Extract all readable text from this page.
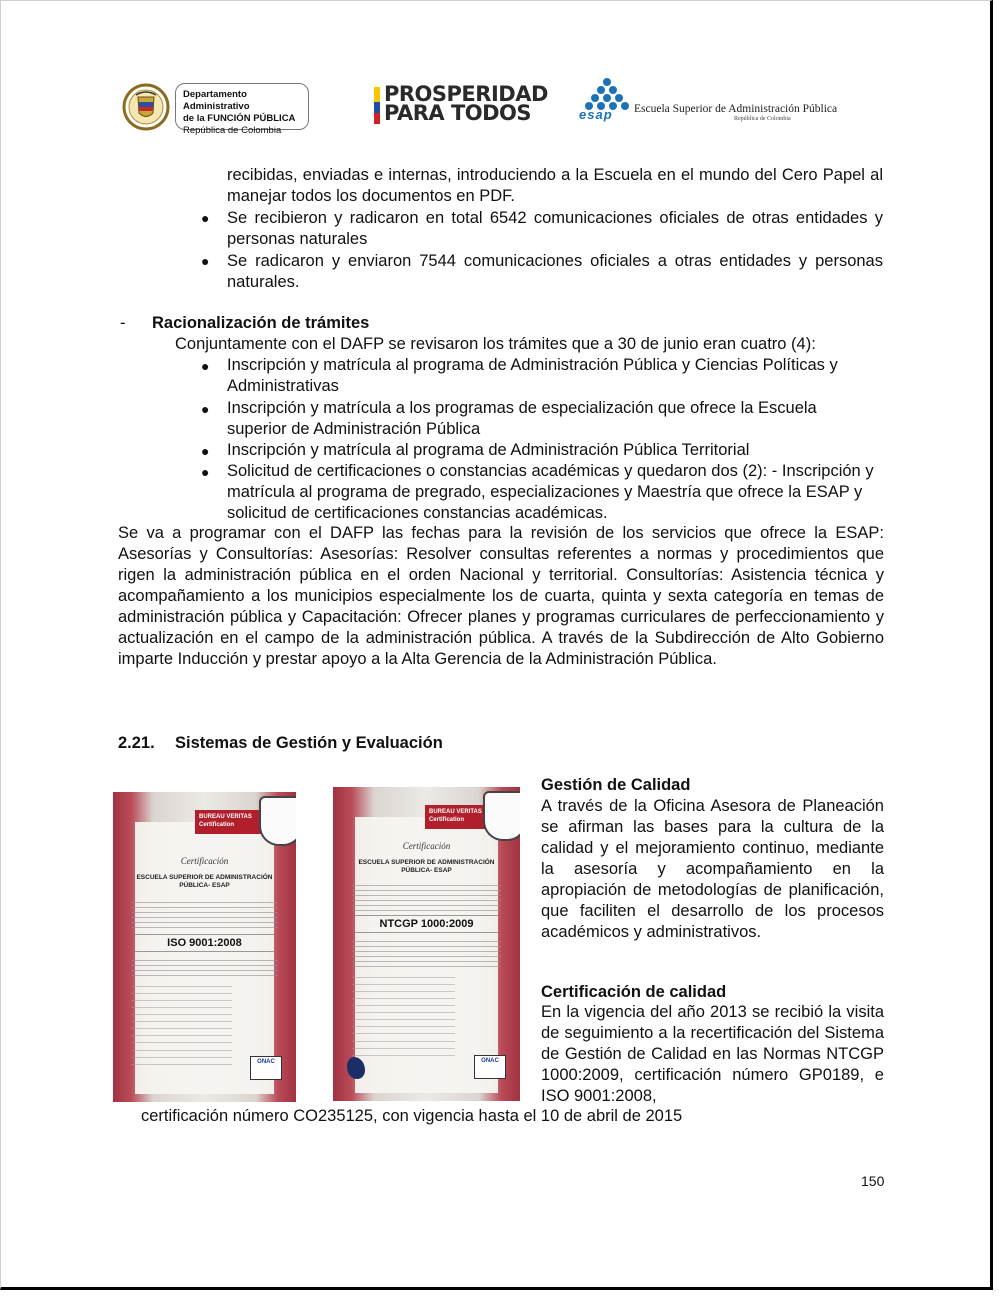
Departamento Administrativo
de la FUNCIÓN PÚBLICA
República de Colombia
PROSPERIDAD
PARA TODOS	esap Escuela Superior de Administración Pública
República de Colombia
recibidas, enviadas e internas, introduciendo a la Escuela en el mundo del Cero Papel al manejar todos los documentos en PDF.
● Se recibieron y radicaron en total 6542 comunicaciones oficiales de otras entidades y personas naturales
● Se radicaron y enviaron 7544 comunicaciones oficiales a otras entidades y personas naturales.
- Racionalización de trámites
Conjuntamente con el DAFP se revisaron los trámites que a 30 de junio eran cuatro (4):
● Inscripción y matrícula al programa de Administración Pública y Ciencias Políticas y Administrativas
● Inscripción y matrícula a los programas de especialización que ofrece la Escuela superior de Administración Pública
● Inscripción y matrícula al programa de Administración Pública Territorial
● Solicitud de certificaciones o constancias académicas y quedaron dos (2): - Inscripción y matrícula al programa de pregrado, especializaciones y Maestría que ofrece la ESAP y solicitud de certificaciones constancias académicas.
Se va a programar con el DAFP las fechas para la revisión de los servicios que ofrece la ESAP: Asesorías y Consultorías: Asesorías: Resolver consultas referentes a normas y procedimientos que rigen la administración pública en el orden Nacional y territorial. Consultorías: Asistencia técnica y acompañamiento a los municipios especialmente los de cuarta, quinta y sexta categoría en temas de administración pública y Capacitación: Ofrecer planes y programas curriculares de perfeccionamiento y actualización en el campo de la administración pública. A través de la Subdirección de Alto Gobierno imparte Inducción y prestar apoyo a la Alta Gerencia de la Administración Pública.
2.21. Sistemas de Gestión y Evaluación
BUREAU VERITAS Certification
Certificación
ESCUELA SUPERIOR DE ADMINISTRACIÓN PÚBLICA- ESAP
ISO 9001:2008
ONAC
BUREAU VERITAS Certification
Certificación
ESCUELA SUPERIOR DE ADMINISTRACIÓN PÚBLICA- ESAP
NTCGP 1000:2009
ONAC
Gestión de Calidad
A través de la Oficina Asesora de Planeación se afirman las bases para la cultura de la calidad y el mejoramiento continuo, mediante la asesoría y acompañamiento en la apropiación de metodologías de planificación, que faciliten el desarrollo de los procesos académicos y administrativos.
Certificación de calidad
En la vigencia del año 2013 se recibió la visita de seguimiento a la recertificación del Sistema de Gestión de Calidad en las Normas NTCGP 1000:2009, certificación número GP0189, e ISO 9001:2008,
certificación número CO235125, con vigencia hasta el 10 de abril de 2015
150
